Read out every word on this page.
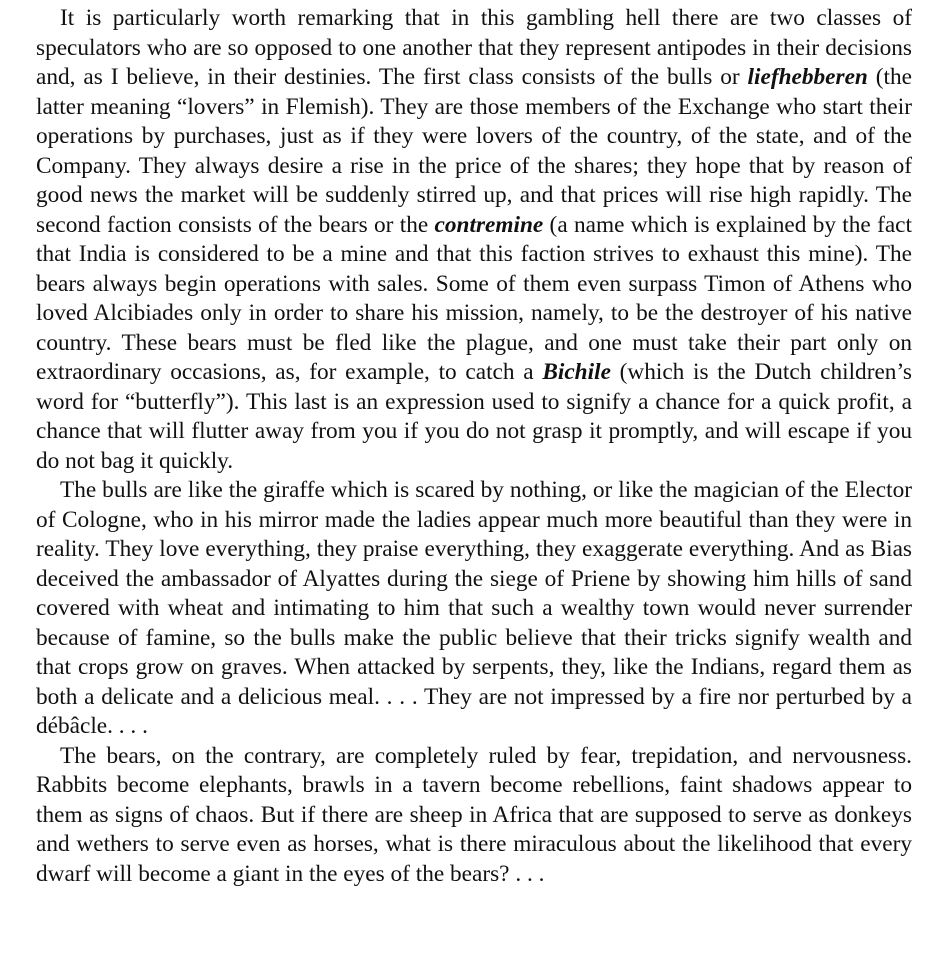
It is particularly worth remarking that in this gambling hell there are two classes of speculators who are so opposed to one another that they represent antipodes in their decisions and, as I believe, in their destinies. The first class consists of the bulls or liefhebberen (the latter meaning “lovers” in Flemish). They are those members of the Exchange who start their operations by purchases, just as if they were lovers of the country, of the state, and of the Company. They always desire a rise in the price of the shares; they hope that by reason of good news the market will be suddenly stirred up, and that prices will rise high rapidly. The second faction consists of the bears or the contremine (a name which is explained by the fact that India is considered to be a mine and that this faction strives to exhaust this mine). The bears always begin operations with sales. Some of them even surpass Timon of Athens who loved Alcibiades only in order to share his mission, namely, to be the destroyer of his native country. These bears must be fled like the plague, and one must take their part only on extraordinary occasions, as, for example, to catch a Bichile (which is the Dutch children’s word for “butterfly”). This last is an expression used to signify a chance for a quick profit, a chance that will flutter away from you if you do not grasp it promptly, and will escape if you do not bag it quickly.

The bulls are like the giraffe which is scared by nothing, or like the magician of the Elector of Cologne, who in his mirror made the ladies appear much more beautiful than they were in reality. They love everything, they praise everything, they exaggerate everything. And as Bias deceived the ambassador of Alyattes during the siege of Priene by showing him hills of sand covered with wheat and intimating to him that such a wealthy town would never surrender because of famine, so the bulls make the public believe that their tricks signify wealth and that crops grow on graves. When attacked by serpents, they, like the Indians, regard them as both a delicate and a delicious meal. . . . They are not impressed by a fire nor perturbed by a débâcle. . . .

The bears, on the contrary, are completely ruled by fear, trepidation, and nervousness. Rabbits become elephants, brawls in a tavern become rebellions, faint shadows appear to them as signs of chaos. But if there are sheep in Africa that are supposed to serve as donkeys and wethers to serve even as horses, what is there miraculous about the likelihood that every dwarf will become a giant in the eyes of the bears? . . .
